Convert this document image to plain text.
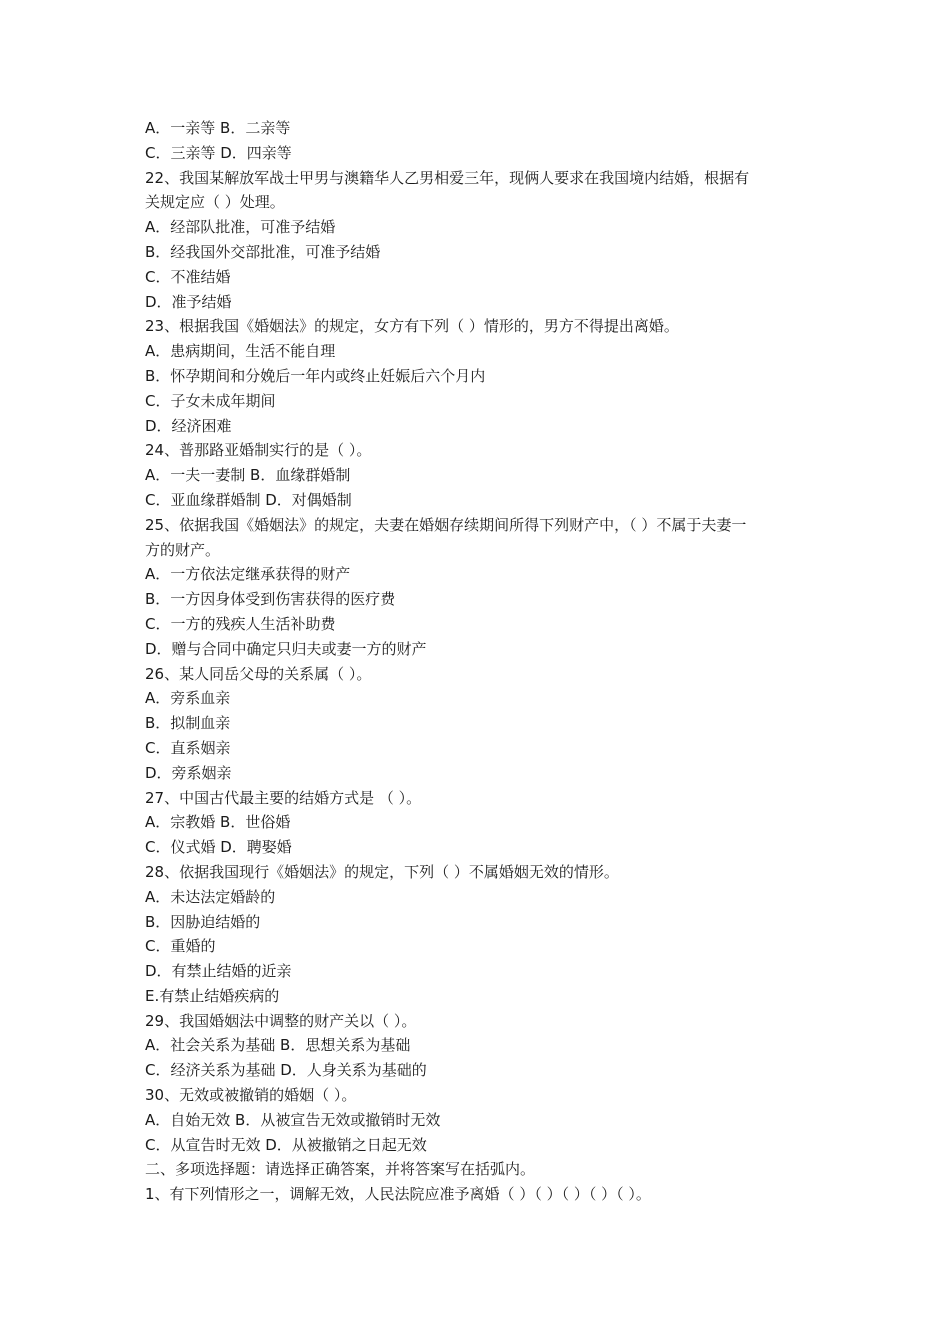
A．一亲等 B．二亲等
C．三亲等 D．四亲等
22、我国某解放军战士甲男与澳籍华人乙男相爱三年，现俩人要求在我国境内结婚，根据有
关规定应（ ）处理。
A．经部队批准，可准予结婚
B．经我国外交部批准，可准予结婚
C．不准结婚
D．准予结婚
23、根据我国《婚姻法》的规定，女方有下列（ ）情形的，男方不得提出离婚。
A．患病期间，生活不能自理
B．怀孕期间和分娩后一年内或终止妊娠后六个月内
C．子女未成年期间
D．经济困难
24、普那路亚婚制实行的是（ ）。
A．一夫一妻制 B．血缘群婚制
C．亚血缘群婚制 D．对偶婚制
25、依据我国《婚姻法》的规定，夫妻在婚姻存续期间所得下列财产中，（ ）不属于夫妻一
方的财产。
A．一方依法定继承获得的财产
B．一方因身体受到伤害获得的医疗费
C．一方的残疾人生活补助费
D．赠与合同中确定只归夫或妻一方的财产
26、某人同岳父母的关系属（ ）。
A．旁系血亲
B．拟制血亲
C．直系姻亲
D．旁系姻亲
27、中国古代最主要的结婚方式是 （ ）。
A．宗教婚 B．世俗婚
C．仪式婚 D．聘娶婚
28、依据我国现行《婚姻法》的规定，下列（ ）不属婚姻无效的情形。
A．未达法定婚龄的
B．因胁迫结婚的
C．重婚的
D．有禁止结婚的近亲
E.有禁止结婚疾病的
29、我国婚姻法中调整的财产关以（ ）。
A．社会关系为基础 B．思想关系为基础
C．经济关系为基础 D．人身关系为基础的
30、无效或被撤销的婚姻（ ）。
A．自始无效 B．从被宣告无效或撤销时无效
C．从宣告时无效 D．从被撤销之日起无效
二、多项选择题：请选择正确答案，并将答案写在括弧内。
1、有下列情形之一，调解无效，人民法院应准予离婚（ ）（ ）（ ）（ ）（ ）。
